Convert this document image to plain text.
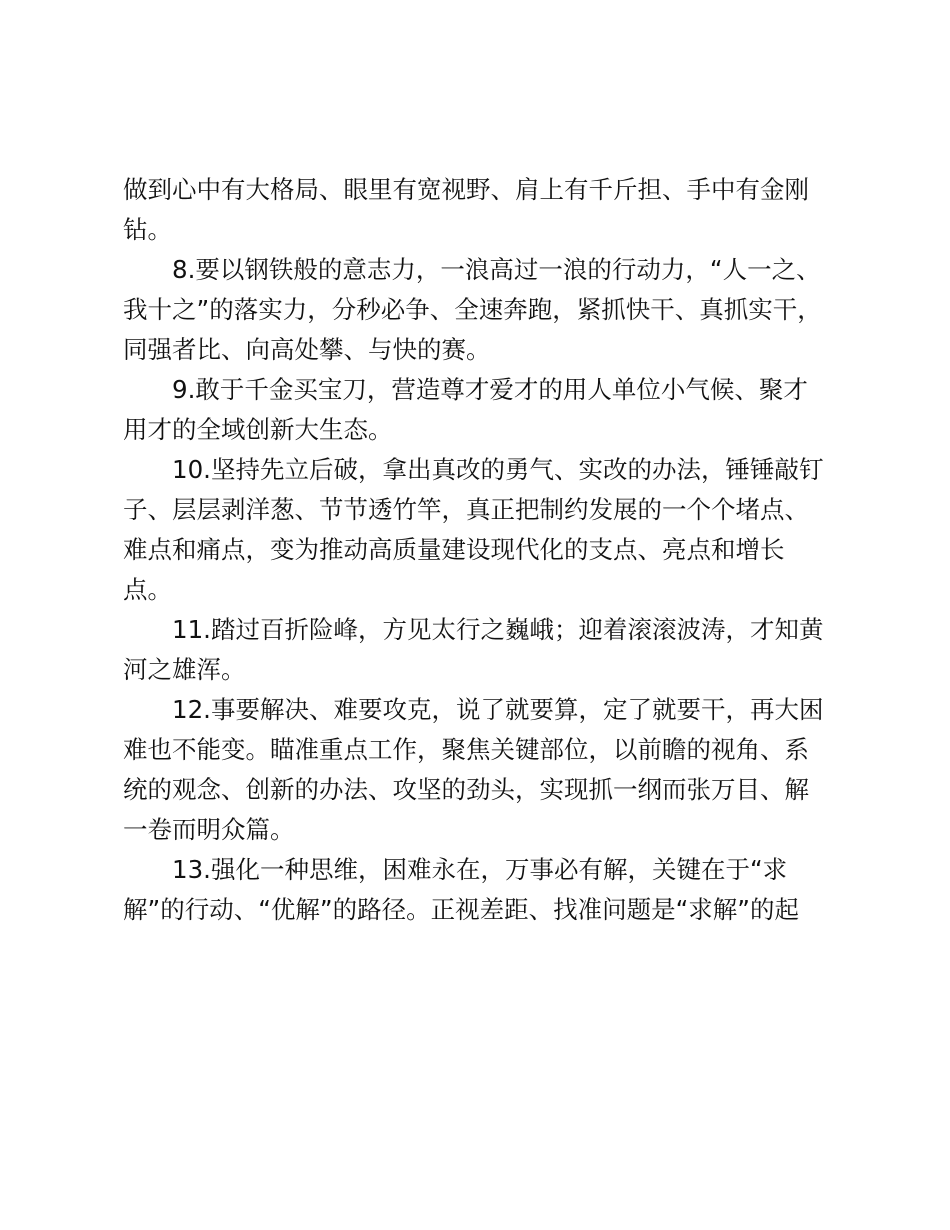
做到心中有大格局、眼里有宽视野、肩上有千斤担、手中有金刚
钻。

8.要以钢铁般的意志力，一浪高过一浪的行动力，“人一之、
我十之”的落实力，分秒必争、全速奔跑，紧抓快干、真抓实干，
同强者比、向高处攀、与快的赛。

9.敢于千金买宝刀，营造尊才爱才的用人单位小气候、聚才
用才的全域创新大生态。

10.坚持先立后破，拿出真改的勇气、实改的办法，锤锤敲钉
子、层层剥洋葱、节节透竹竿，真正把制约发展的一个个堵点、
难点和痛点，变为推动高质量建设现代化的支点、亮点和增长
点。

11.踏过百折险峰，方见太行之巍峨；迎着滚滚波涛，才知黄
河之雄浑。

12.事要解决、难要攻克，说了就要算，定了就要干，再大困
难也不能变。瞄准重点工作，聚焦关键部位，以前瞻的视角、系
统的观念、创新的办法、攻坚的劲头，实现抓一纲而张万目、解
一卷而明众篇。

13.强化一种思维，困难永在，万事必有解，关键在于“求
解”的行动、“优解”的路径。正视差距、找准问题是“求解”的起
